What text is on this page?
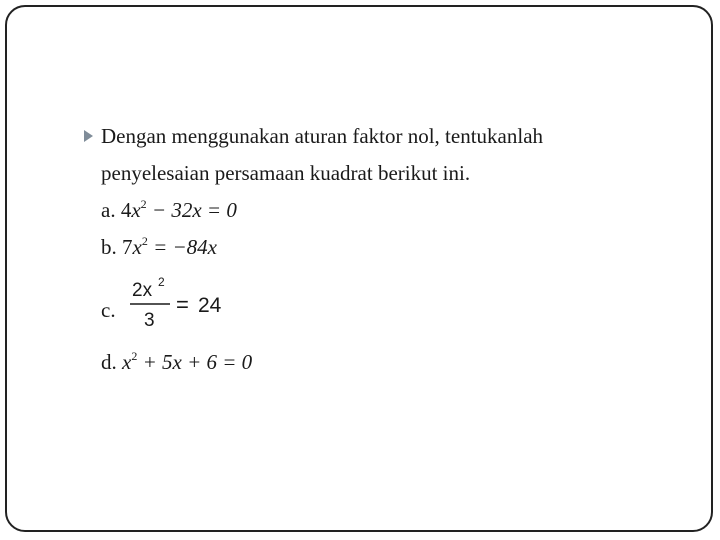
Dengan menggunakan aturan faktor nol, tentukanlah
penyelesaian persamaan kuadrat berikut ini.
a. $4x^2 - 32x = 0$
b. $7x^2 = -84x$
c.
2x 2
3
= 24
d. $x^2 + 5x + 6 = 0$
